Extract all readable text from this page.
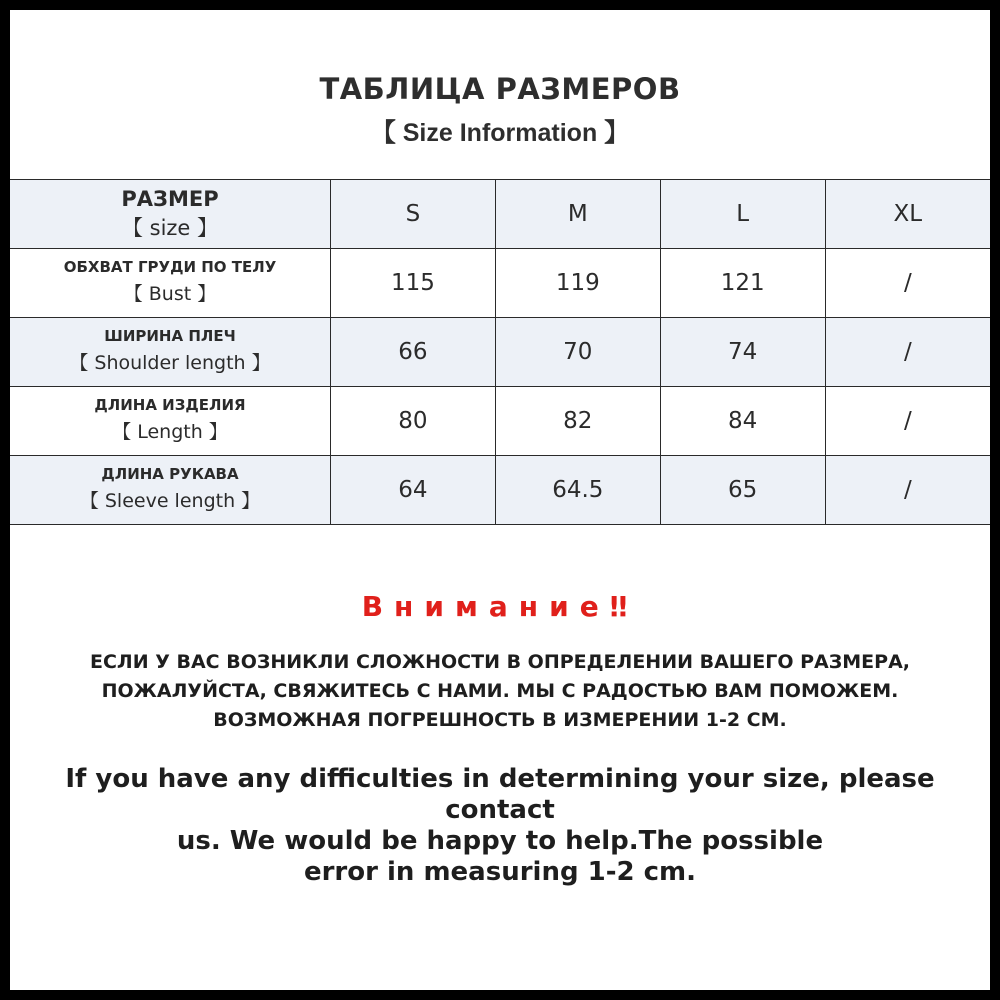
ТАБЛИЦА РАЗМЕРОВ
【 Size Information 】
РАЗМЕР
【 size 】	S	M	L	XL

ОБХВАТ ГРУДИ ПО ТЕЛУ
【 Bust 】	115	119	121	/

ШИРИНА ПЛЕЧ
【 Shoulder length 】	66	70	74	/

ДЛИНА ИЗДЕЛИЯ
【 Length 】	80	82	84	/

ДЛИНА РУКАВА
【 Sleeve length 】	64	64.5	65	/
Внимание‼
ЕСЛИ У ВАС ВОЗНИКЛИ СЛОЖНОСТИ В ОПРЕДЕЛЕНИИ ВАШЕГО РАЗМЕРА,
ПОЖАЛУЙСТА, СВЯЖИТЕСЬ С НАМИ. МЫ С РАДОСТЬЮ ВАМ ПОМОЖЕМ.
ВОЗМОЖНАЯ ПОГРЕШНОСТЬ В ИЗМЕРЕНИИ 1-2 СМ.
If you have any difficulties in determining your size, please contact
us. We would be happy to help.The possible
error in measuring 1-2 cm.
